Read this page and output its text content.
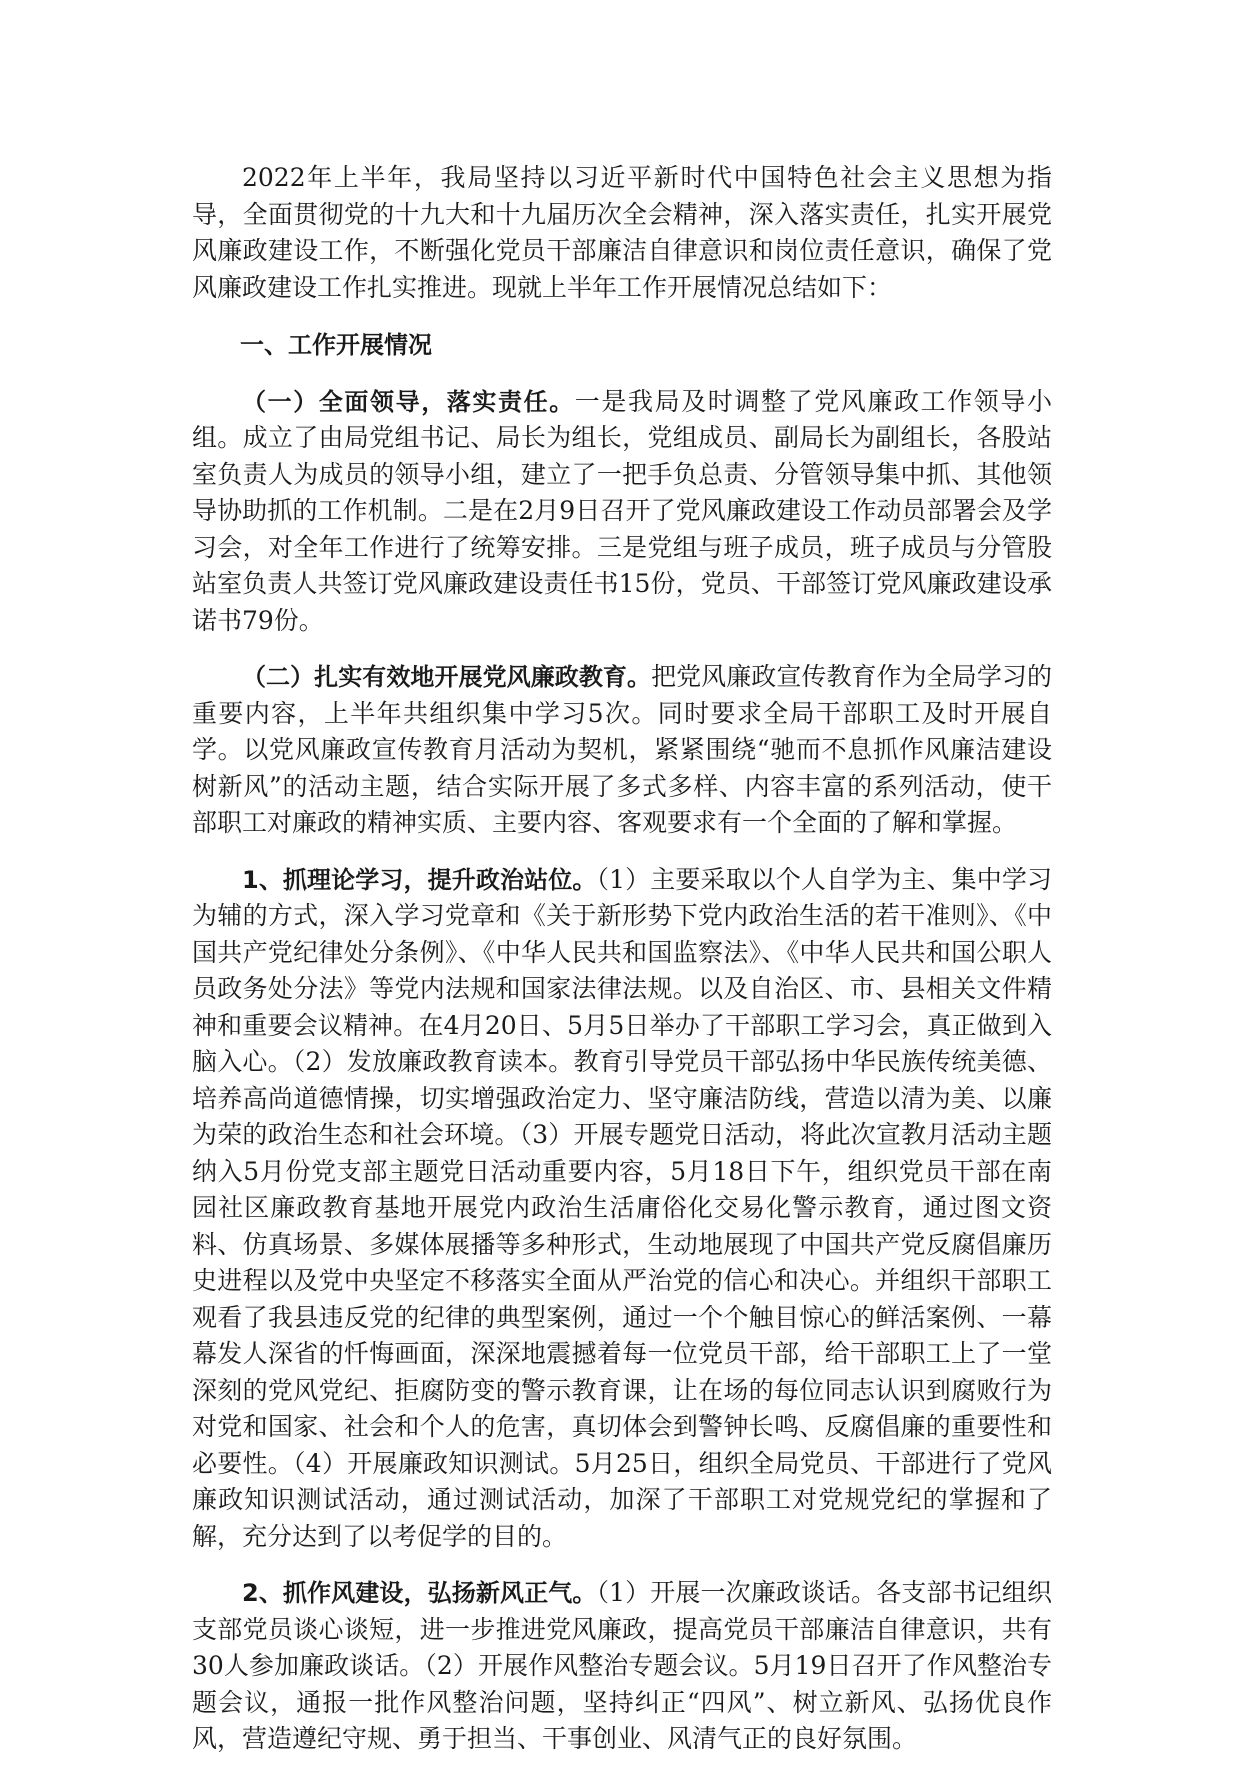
2022年上半年，我局坚持以习近平新时代中国特色社会主义思想为指导，全面贯彻党的十九大和十九届历次全会精神，深入落实责任，扎实开展党风廉政建设工作，不断强化党员干部廉洁自律意识和岗位责任意识，确保了党风廉政建设工作扎实推进。现就上半年工作开展情况总结如下：

一、工作开展情况

（一）全面领导，落实责任。一是我局及时调整了党风廉政工作领导小组。成立了由局党组书记、局长为组长，党组成员、副局长为副组长，各股站室负责人为成员的领导小组，建立了一把手负总责、分管领导集中抓、其他领导协助抓的工作机制。二是在2月9日召开了党风廉政建设工作动员部署会及学习会，对全年工作进行了统筹安排。三是党组与班子成员，班子成员与分管股站室负责人共签订党风廉政建设责任书15份，党员、干部签订党风廉政建设承诺书79份。

（二）扎实有效地开展党风廉政教育。把党风廉政宣传教育作为全局学习的重要内容，上半年共组织集中学习5次。同时要求全局干部职工及时开展自学。以党风廉政宣传教育月活动为契机，紧紧围绕“驰而不息抓作风廉洁建设树新风”的活动主题，结合实际开展了多式多样、内容丰富的系列活动，使干部职工对廉政的精神实质、主要内容、客观要求有一个全面的了解和掌握。

1、抓理论学习，提升政治站位。（1）主要采取以个人自学为主、集中学习为辅的方式，深入学习党章和《关于新形势下党内政治生活的若干准则》、《中国共产党纪律处分条例》、《中华人民共和国监察法》、《中华人民共和国公职人员政务处分法》等党内法规和国家法律法规。以及自治区、市、县相关文件精神和重要会议精神。在4月20日、5月5日举办了干部职工学习会，真正做到入脑入心。（2）发放廉政教育读本。教育引导党员干部弘扬中华民族传统美德、培养高尚道德情操，切实增强政治定力、坚守廉洁防线，营造以清为美、以廉为荣的政治生态和社会环境。（3）开展专题党日活动，将此次宣教月活动主题纳入5月份党支部主题党日活动重要内容，5月18日下午，组织党员干部在南园社区廉政教育基地开展党内政治生活庸俗化交易化警示教育，通过图文资料、仿真场景、多媒体展播等多种形式，生动地展现了中国共产党反腐倡廉历史进程以及党中央坚定不移落实全面从严治党的信心和决心。并组织干部职工观看了我县违反党的纪律的典型案例，通过一个个触目惊心的鲜活案例、一幕幕发人深省的忏悔画面，深深地震撼着每一位党员干部，给干部职工上了一堂深刻的党风党纪、拒腐防变的警示教育课，让在场的每位同志认识到腐败行为对党和国家、社会和个人的危害，真切体会到警钟长鸣、反腐倡廉的重要性和必要性。（4）开展廉政知识测试。5月25日，组织全局党员、干部进行了党风廉政知识测试活动，通过测试活动，加深了干部职工对党规党纪的掌握和了解，充分达到了以考促学的目的。

2、抓作风建设，弘扬新风正气。（1）开展一次廉政谈话。各支部书记组织支部党员谈心谈短，进一步推进党风廉政，提高党员干部廉洁自律意识，共有30人参加廉政谈话。（2）开展作风整治专题会议。5月19日召开了作风整治专题会议，通报一批作风整治问题，坚持纠正“四风”、树立新风、弘扬优良作风，营造遵纪守规、勇于担当、干事创业、风清气正的良好氛围。
